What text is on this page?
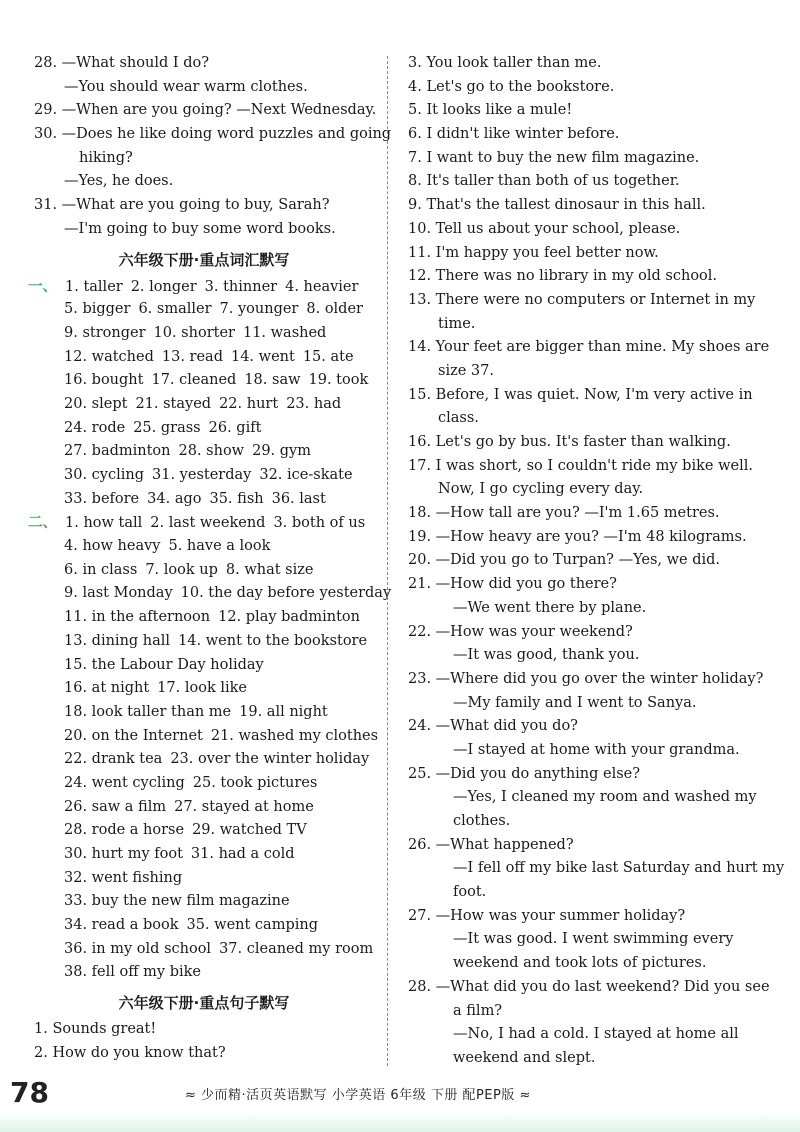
28. —What should I do?
—You should wear warm clothes.
29. —When are you going? —Next Wednesday.
30. —Does he like doing word puzzles and going
hiking?
—Yes, he does.
31. —What are you going to buy, Sarah?
—I'm going to buy some word books.
六年级下册·重点词汇默写
一、 1. taller 2. longer 3. thinner 4. heavier
5. bigger 6. smaller 7. younger 8. older
9. stronger 10. shorter 11. washed
12. watched 13. read 14. went 15. ate
16. bought 17. cleaned 18. saw 19. took
20. slept 21. stayed 22. hurt 23. had
24. rode 25. grass 26. gift
27. badminton 28. show 29. gym
30. cycling 31. yesterday 32. ice-skate
33. before 34. ago 35. fish 36. last
二、 1. how tall 2. last weekend 3. both of us
4. how heavy 5. have a look
6. in class 7. look up 8. what size
9. last Monday 10. the day before yesterday
11. in the afternoon 12. play badminton
13. dining hall 14. went to the bookstore
15. the Labour Day holiday
16. at night 17. look like
18. look taller than me 19. all night
20. on the Internet 21. washed my clothes
22. drank tea 23. over the winter holiday
24. went cycling 25. took pictures
26. saw a film 27. stayed at home
28. rode a horse 29. watched TV
30. hurt my foot 31. had a cold
32. went fishing
33. buy the new film magazine
34. read a book 35. went camping
36. in my old school 37. cleaned my room
38. fell off my bike
六年级下册·重点句子默写
1. Sounds great!
2. How do you know that?
3. You look taller than me.
4. Let's go to the bookstore.
5. It looks like a mule!
6. I didn't like winter before.
7. I want to buy the new film magazine.
8. It's taller than both of us together.
9. That's the tallest dinosaur in this hall.
10. Tell us about your school, please.
11. I'm happy you feel better now.
12. There was no library in my old school.
13. There were no computers or Internet in my
time.
14. Your feet are bigger than mine. My shoes are
size 37.
15. Before, I was quiet. Now, I'm very active in
class.
16. Let's go by bus. It's faster than walking.
17. I was short, so I couldn't ride my bike well.
Now, I go cycling every day.
18. —How tall are you? —I'm 1.65 metres.
19. —How heavy are you? —I'm 48 kilograms.
20. —Did you go to Turpan? —Yes, we did.
21. —How did you go there?
—We went there by plane.
22. —How was your weekend?
—It was good, thank you.
23. —Where did you go over the winter holiday?
—My family and I went to Sanya.
24. —What did you do?
—I stayed at home with your grandma.
25. —Did you do anything else?
—Yes, I cleaned my room and washed my
clothes.
26. —What happened?
—I fell off my bike last Saturday and hurt my
foot.
27. —How was your summer holiday?
—It was good. I went swimming every
weekend and took lots of pictures.
28. —What did you do last weekend? Did you see
a film?
—No, I had a cold. I stayed at home all
weekend and slept.
78	≈ 少而精·活页英语默写 小学英语 6年级 下册 配PEP版 ≈
